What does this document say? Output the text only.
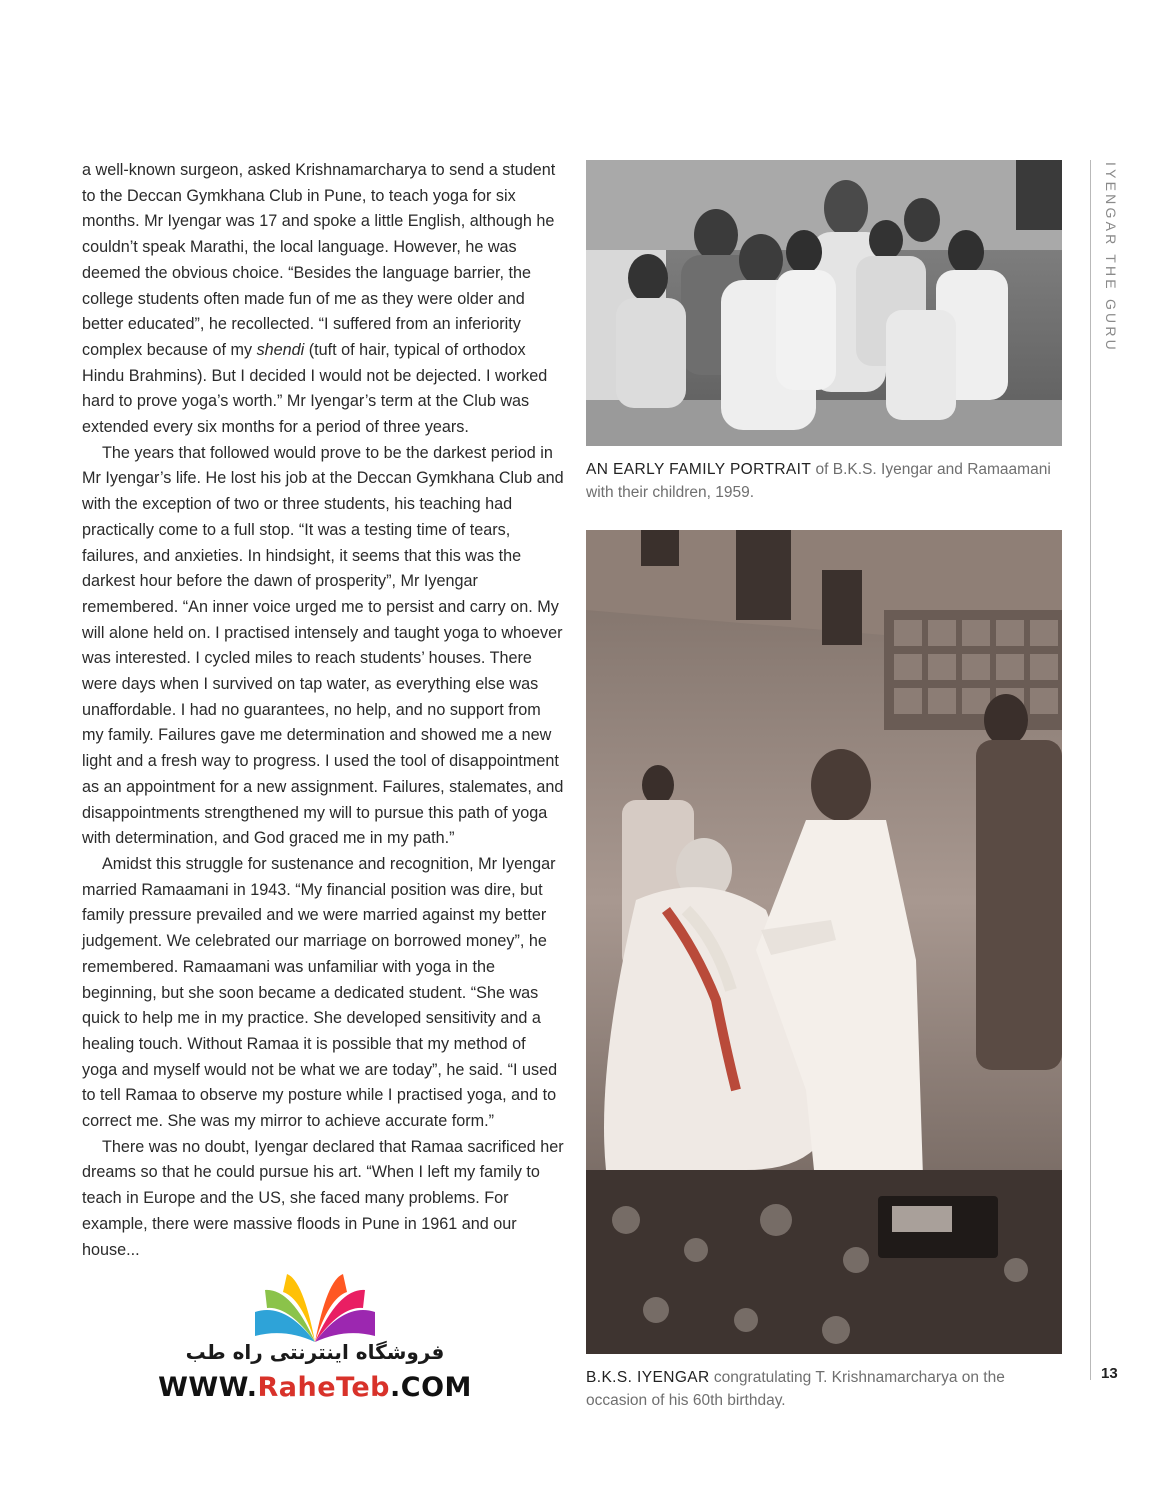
a well-known surgeon, asked Krishnamarcharya to send a student to the Deccan Gymkhana Club in Pune, to teach yoga for six months. Mr Iyengar was 17 and spoke a little English, although he couldn’t speak Marathi, the local language. However, he was deemed the obvious choice. “Besides the language barrier, the college students often made fun of me as they were older and better educated”, he recollected. “I suffered from an inferiority complex because of my shendi (tuft of hair, typical of orthodox Hindu Brahmins). But I decided I would not be dejected. I worked hard to prove yoga’s worth.” Mr Iyengar’s term at the Club was extended every six months for a period of three years.

The years that followed would prove to be the darkest period in Mr Iyengar’s life. He lost his job at the Deccan Gymkhana Club and with the exception of two or three students, his teaching had practically come to a full stop. “It was a testing time of tears, failures, and anxieties. In hindsight, it seems that this was the darkest hour before the dawn of prosperity”, Mr Iyengar remembered. “An inner voice urged me to persist and carry on. My will alone held on. I practised intensely and taught yoga to whoever was interested. I cycled miles to reach students’ houses. There were days when I survived on tap water, as everything else was unaffordable. I had no guarantees, no help, and no support from my family. Failures gave me determination and showed me a new light and a fresh way to progress. I used the tool of disappointment as an appointment for a new assignment. Failures, stalemates, and disappointments strengthened my will to pursue this path of yoga with determination, and God graced me in my path.”

Amidst this struggle for sustenance and recognition, Mr Iyengar married Ramaamani in 1943. “My financial position was dire, but family pressure prevailed and we were married against my better judgement. We celebrated our marriage on borrowed money”, he remembered. Ramaamani was unfamiliar with yoga in the beginning, but she soon became a dedicated student. “She was quick to help me in my practice. She developed sensitivity and a healing touch. Without Ramaa it is possible that my method of yoga and myself would not be what we are today”, he said. “I used to tell Ramaa to observe my posture while I practised yoga, and to correct me. She was my mirror to achieve accurate form.”

There was no doubt, Iyengar declared that Ramaa sacrificed her dreams so that he could pursue his art. “When I left my family to teach in Europe and the US, she faced many problems. For example, there were massive floods in Pune in 1961 and our house...

AN EARLY FAMILY PORTRAIT of B.K.S. Iyengar and Ramaamani with their children, 1959.
B.K.S. IYENGAR congratulating T. Krishnamarcharya on the occasion of his 60th birthday.
IYENGAR THE GURU
13
فروشگاه اینترنتی راه طب
WWW.RaheTeb.COM
